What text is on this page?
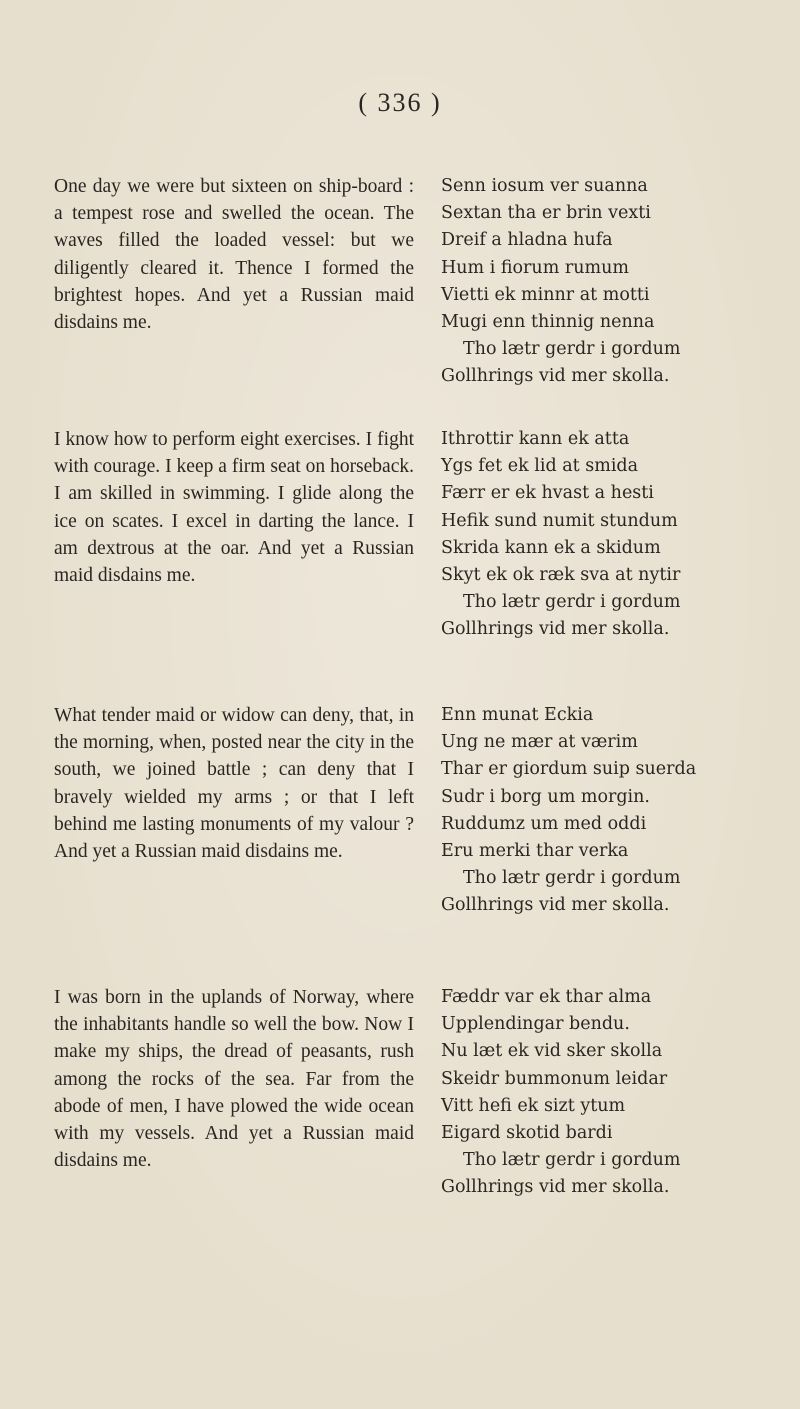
( 336 )

One day we were but sixteen on ship-board : a tempest rose and swelled the ocean. The waves filled the loaded vessel: but we diligently cleared it. Thence I formed the brightest hopes. And yet a Russian maid disdains me.

Senn iosum ver suanna
Sextan tha er brin vexti
Dreif a hladna hufa
Hum i fiorum rumum
Vietti ek minnr at motti
Mugi enn thinnig nenna
Tho lætr gerdr i gordum
Gollhrings vid mer skolla.

I know how to perform eight exercises. I fight with courage. I keep a firm seat on horseback. I am skilled in swimming. I glide along the ice on scates. I excel in darting the lance. I am dextrous at the oar. And yet a Russian maid disdains me.

Ithrottir kann ek atta
Ygs fet ek lid at smida
Færr er ek hvast a hesti
Hefik sund numit stundum
Skrida kann ek a skidum
Skyt ek ok ræk sva at nytir
Tho lætr gerdr i gordum
Gollhrings vid mer skolla.

What tender maid or widow can deny, that, in the morning, when, posted near the city in the south, we joined battle ; can deny that I bravely wielded my arms ; or that I left behind me lasting monuments of my valour ? And yet a Russian maid disdains me.

Enn munat Eckia
Ung ne mær at værim
Thar er giordum suip suerda
Sudr i borg um morgin.
Ruddumz um med oddi
Eru merki thar verka
Tho lætr gerdr i gordum
Gollhrings vid mer skolla.

I was born in the uplands of Norway, where the inhabitants handle so well the bow. Now I make my ships, the dread of peasants, rush among the rocks of the sea. Far from the abode of men, I have plowed the wide ocean with my vessels. And yet a Russian maid disdains me.

Fæddr var ek thar alma
Upplendingar bendu.
Nu læt ek vid sker skolla
Skeidr bummonum leidar
Vitt hefi ek sizt ytum
Eigard skotid bardi
Tho lætr gerdr i gordum
Gollhrings vid mer skolla.
